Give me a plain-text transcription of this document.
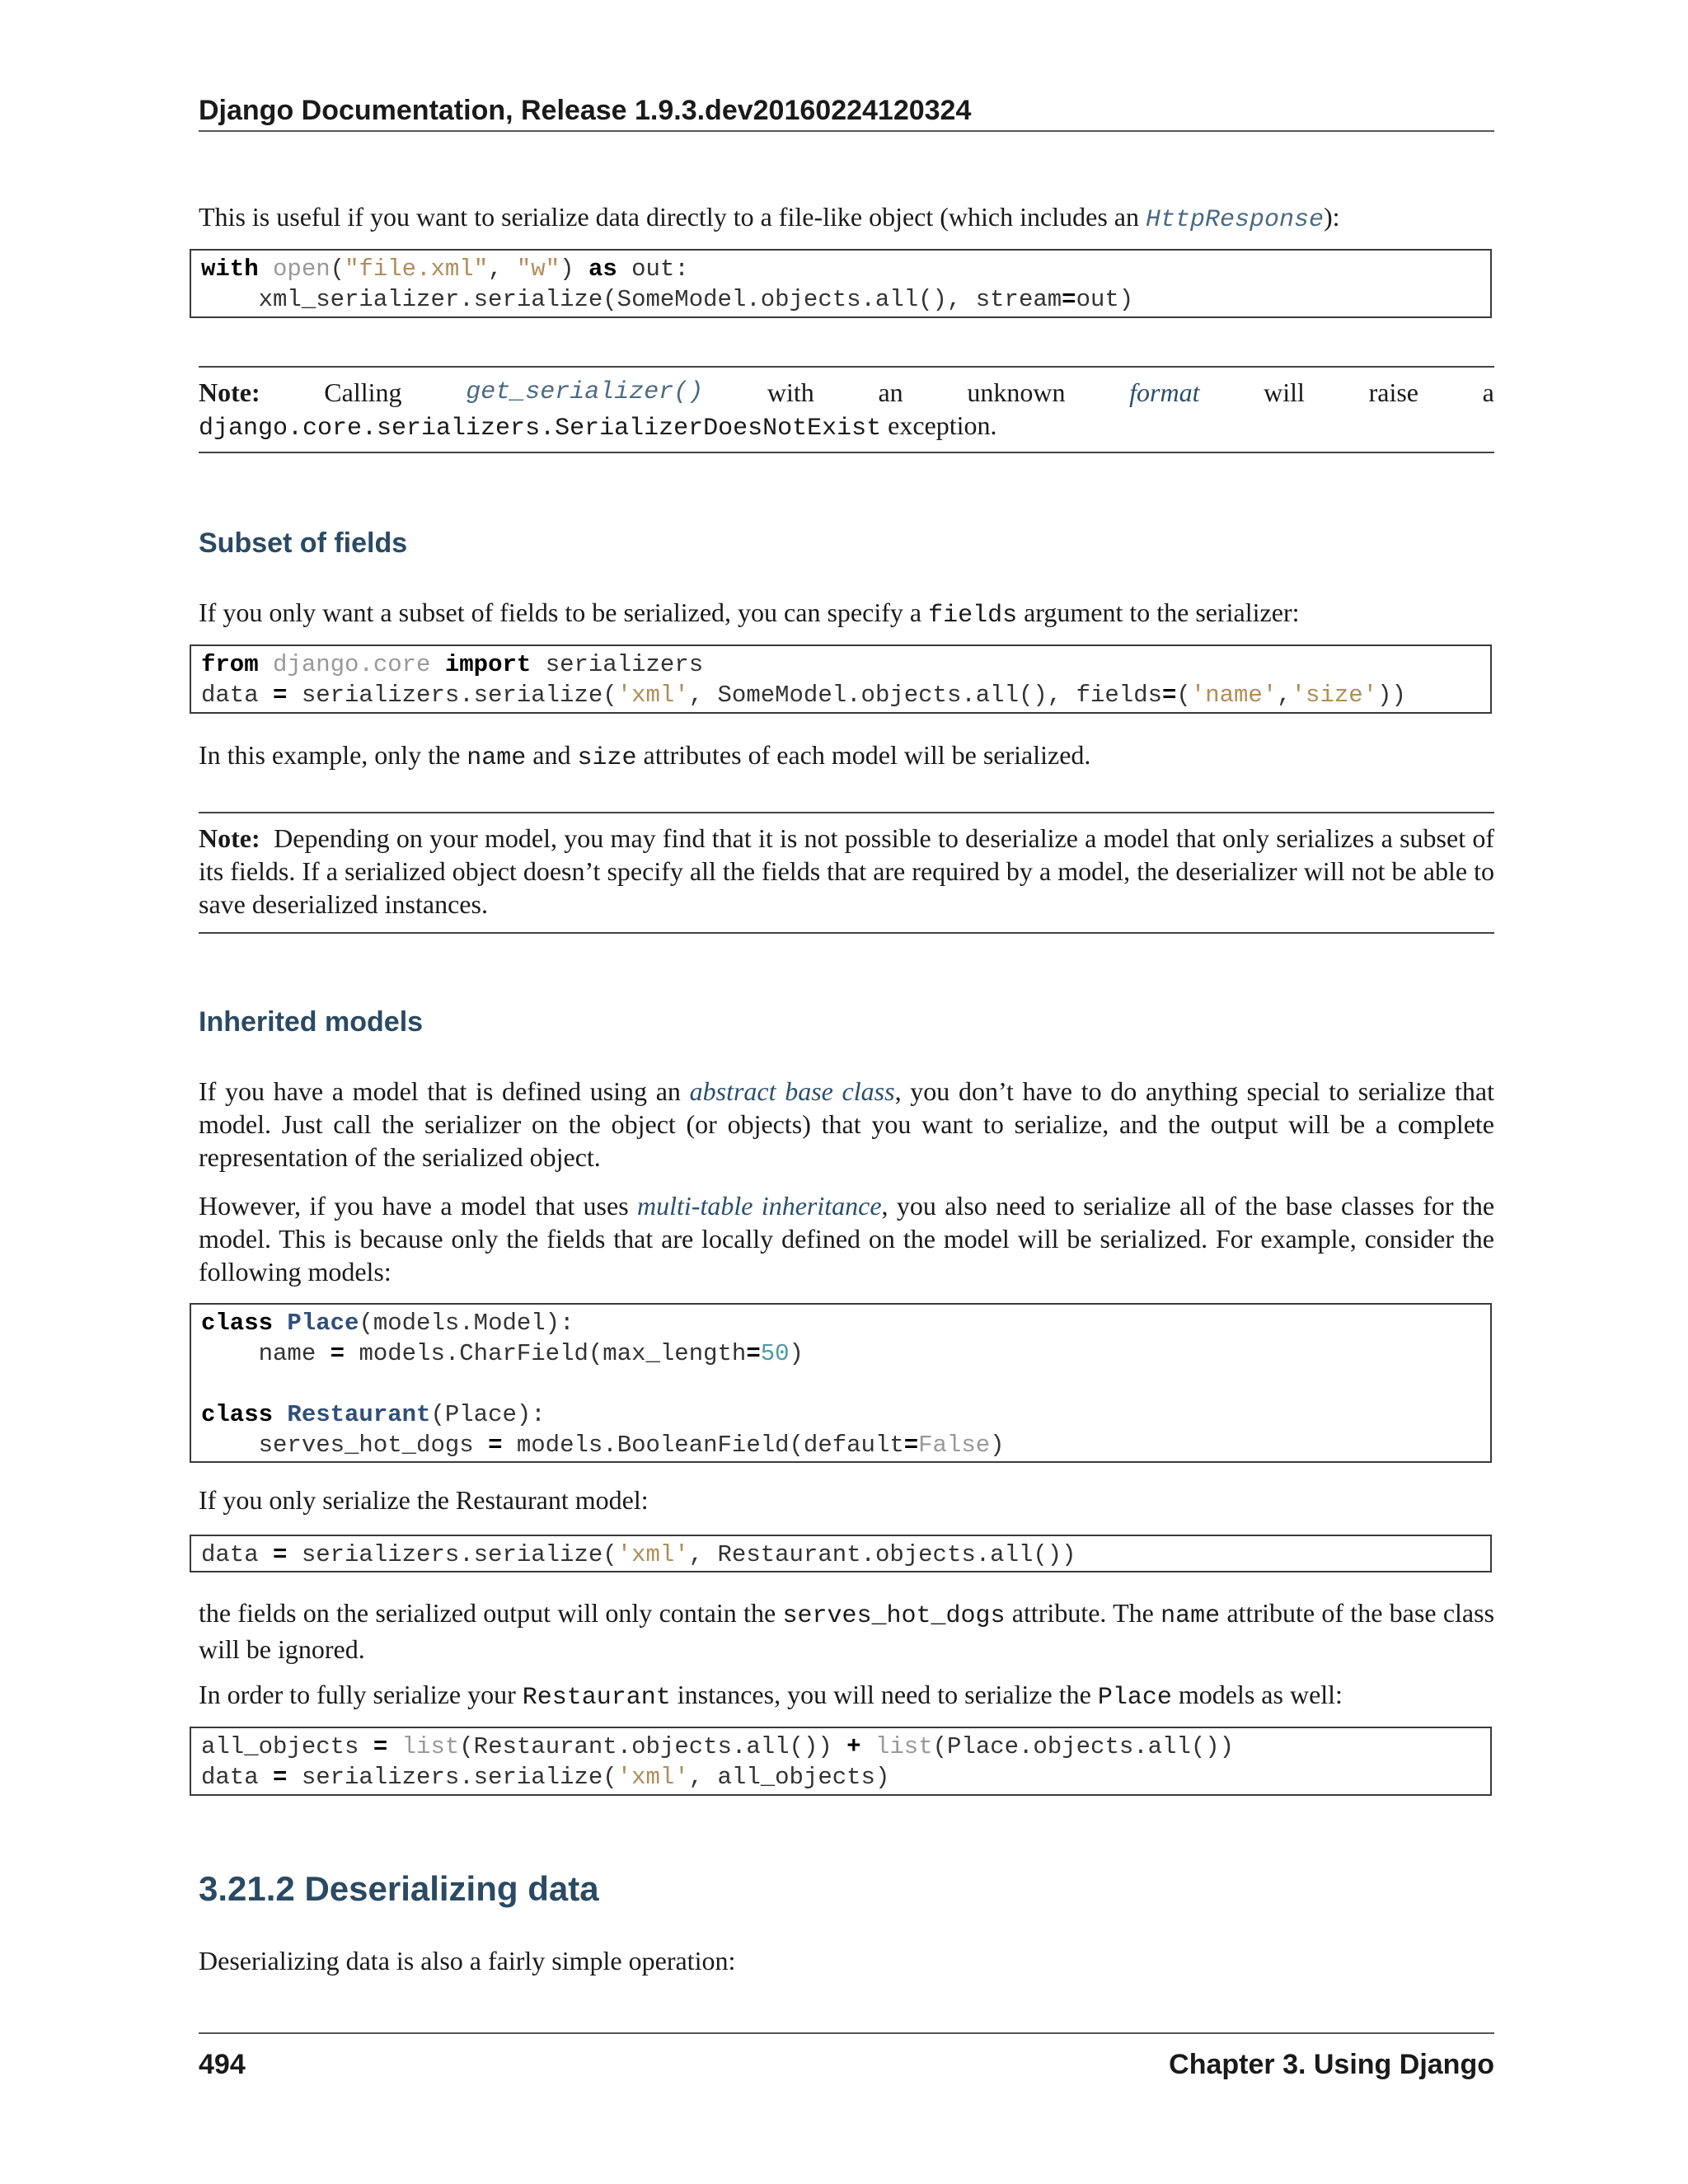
Django Documentation, Release 1.9.3.dev20160224120324

This is useful if you want to serialize data directly to a file-like object (which includes an HttpResponse):

with open("file.xml", "w") as out:
xml_serializer.serialize(SomeModel.objects.all(), stream=out)
Note: Calling	get_serializer() with an unknown format will raise a
django.core.serializers.SerializerDoesNotExist exception.
Subset of fields

If you only want a subset of fields to be serialized, you can specify a fields argument to the serializer:

from django.core import serializers
data = serializers.serialize('xml', SomeModel.objects.all(), fields=('name','size'))

In this example, only the name and size attributes of each model will be serialized.

Note: Depending on your model, you may find that it is not possible to deserialize a model that only serializes a subset of its fields. If a serialized object doesn’t specify all the fields that are required by a model, the deserializer will not be able to save deserialized instances.
Inherited models

If you have a model that is defined using an abstract base class, you don’t have to do anything special to serialize that model. Just call the serializer on the object (or objects) that you want to serialize, and the output will be a complete representation of the serialized object.

However, if you have a model that uses multi-table inheritance, you also need to serialize all of the base classes for the model. This is because only the fields that are locally defined on the model will be serialized. For example, consider the following models:

class Place(models.Model):
name = models.CharField(max_length=50)

class Restaurant(Place):
serves_hot_dogs = models.BooleanField(default=False)

If you only serialize the Restaurant model:

data = serializers.serialize('xml', Restaurant.objects.all())

the fields on the serialized output will only contain the serves_hot_dogs attribute. The name attribute of the base class will be ignored.

In order to fully serialize your Restaurant instances, you will need to serialize the Place models as well:

all_objects = list(Restaurant.objects.all()) + list(Place.objects.all())
data = serializers.serialize('xml', all_objects)
3.21.2 Deserializing data

Deserializing data is also a fairly simple operation:

494	Chapter 3. Using Django
